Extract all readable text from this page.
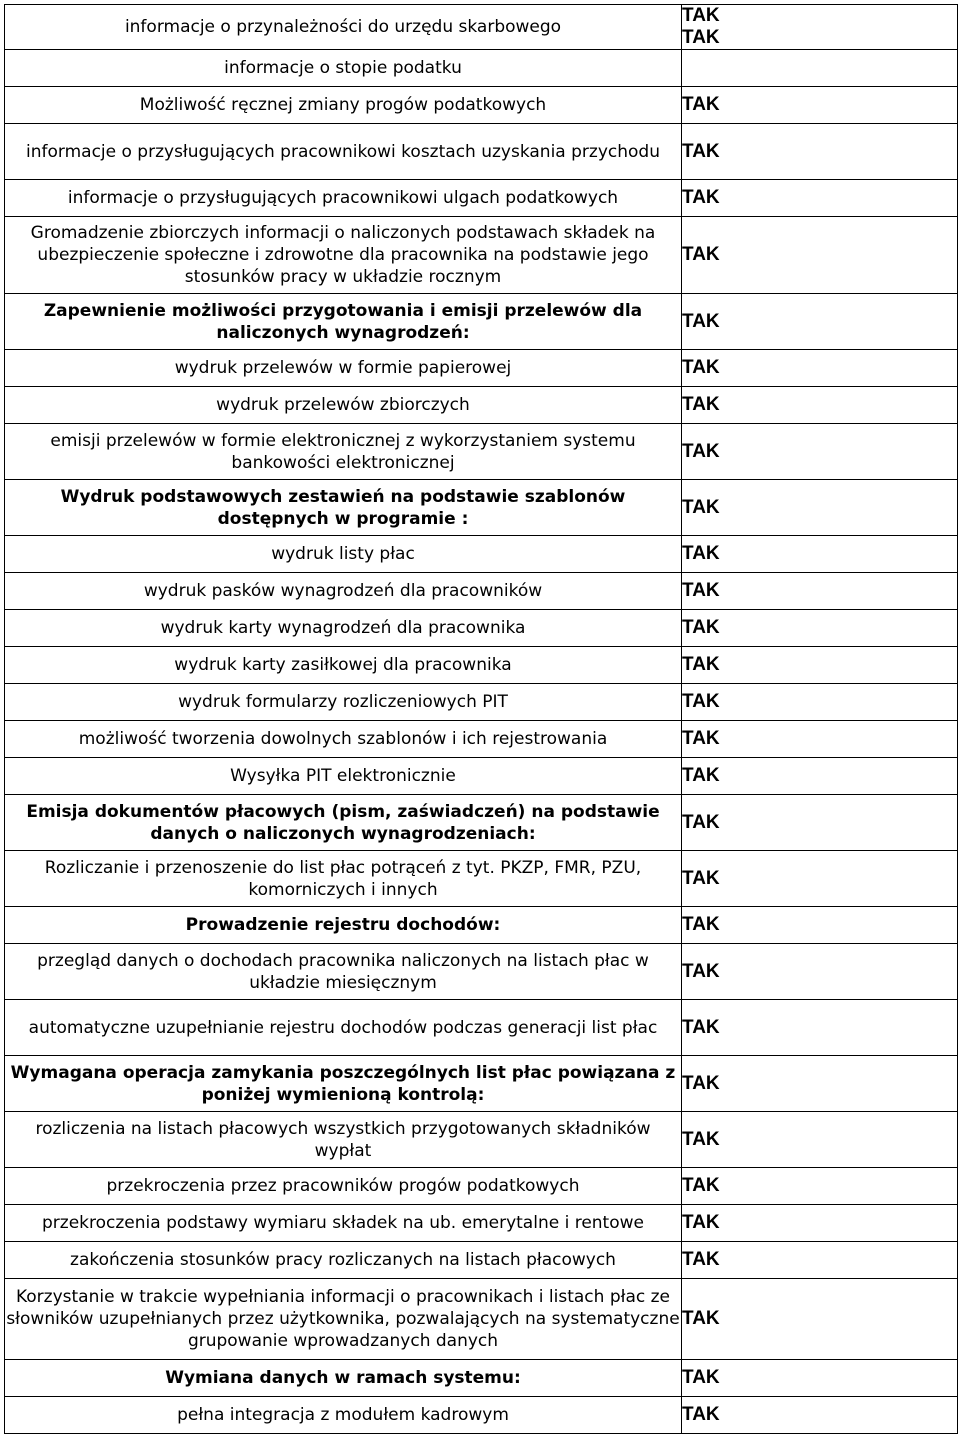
informacje o przynależności do urzędu skarbowego	TAK
TAK

informacje o stopie podatku	
Możliwość ręcznej zmiany progów podatkowych	TAK

informacje o przysługujących pracownikowi kosztach uzyskania przychodu	TAK

informacje o przysługujących pracownikowi ulgach podatkowych	TAK

Gromadzenie zbiorczych informacji o naliczonych podstawach składek na ubezpieczenie społeczne i zdrowotne dla pracownika na podstawie jego stosunków pracy w układzie rocznym	TAK

Zapewnienie możliwości przygotowania i emisji przelewów dla naliczonych wynagrodzeń:	TAK

wydruk przelewów w formie papierowej	TAK

wydruk przelewów zbiorczych	TAK

emisji przelewów w formie elektronicznej z wykorzystaniem systemu bankowości elektronicznej	TAK

Wydruk podstawowych zestawień na podstawie szablonów dostępnych w programie :	TAK

wydruk listy płac	TAK

wydruk pasków wynagrodzeń dla pracowników	TAK

wydruk karty wynagrodzeń dla pracownika	TAK

wydruk karty zasiłkowej dla pracownika	TAK

wydruk formularzy rozliczeniowych PIT	TAK

możliwość tworzenia dowolnych szablonów i ich rejestrowania	TAK

Wysyłka PIT elektronicznie	TAK

Emisja dokumentów płacowych (pism, zaświadczeń) na podstawie danych o naliczonych wynagrodzeniach:	TAK

Rozliczanie i przenoszenie do list płac potrąceń z tyt. PKZP, FMR, PZU, komorniczych i innych	TAK

Prowadzenie rejestru dochodów:	TAK

przegląd danych o dochodach pracownika naliczonych na listach płac w układzie miesięcznym	TAK

automatyczne uzupełnianie rejestru dochodów podczas generacji list płac	TAK

Wymagana operacja zamykania poszczególnych list płac powiązana z poniżej wymienioną kontrolą:	TAK

rozliczenia na listach płacowych wszystkich przygotowanych składników wypłat	TAK

przekroczenia przez pracowników progów podatkowych	TAK

przekroczenia podstawy wymiaru składek na ub. emerytalne i rentowe	TAK

zakończenia stosunków pracy rozliczanych na listach płacowych	TAK

Korzystanie w trakcie wypełniania informacji o pracownikach i listach płac ze słowników uzupełnianych przez użytkownika, pozwalających na systematyczne grupowanie wprowadzanych danych	TAK

Wymiana danych w ramach systemu:	TAK

pełna integracja z modułem kadrowym	TAK
